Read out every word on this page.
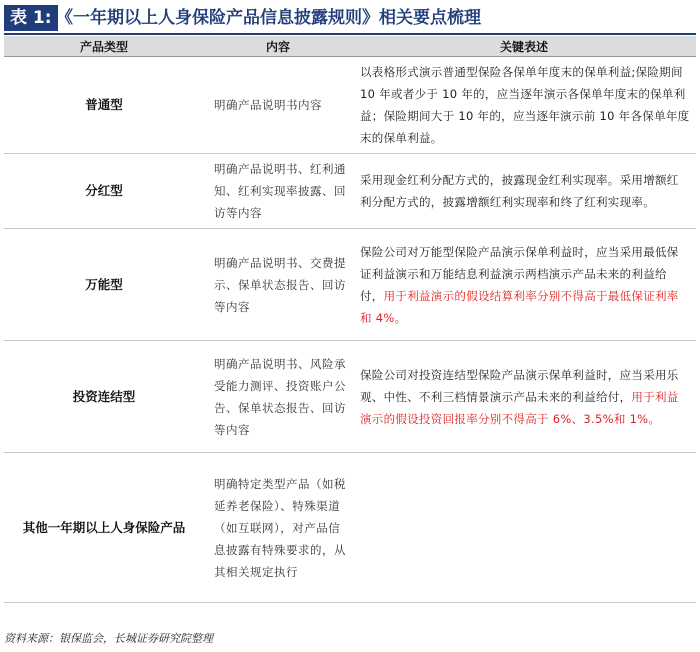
表 1: 《一年期以上人身保险产品信息披露规则》相关要点梳理
产品类型	内容	关键表述
普通型	明确产品说明书内容	以表格形式演示普通型保险各保单年度末的保单利益;保险期间 10 年或者少于 10 年的，应当逐年演示各保单年度末的保单利益；保险期间大于 10 年的，应当逐年演示前 10 年各保单年度末的保单利益。
分红型	明确产品说明书、红利通知、红利实现率披露、回访等内容	采用现金红利分配方式的，披露现金红利实现率。采用增额红利分配方式的，披露增额红利实现率和终了红利实现率。
万能型	明确产品说明书、交费提示、保单状态报告、回访等内容	保险公司对万能型保险产品演示保单利益时，应当采用最低保证利益演示和万能结息利益演示两档演示产品未来的利益给付，用于利益演示的假设结算利率分别不得高于最低保证利率和 4%。
投资连结型	明确产品说明书、风险承受能力测评、投资账户公告、保单状态报告、回访等内容	保险公司对投资连结型保险产品演示保单利益时，应当采用乐观、中性、不利三档情景演示产品未来的利益给付，用于利益演示的假设投资回报率分别不得高于 6%、3.5%和 1%。
其他一年期以上人身保险产品	明确特定类型产品（如税延养老保险）、特殊渠道（如互联网），对产品信息披露有特殊要求的，从其相关规定执行	
资料来源：银保监会，长城证券研究院整理
